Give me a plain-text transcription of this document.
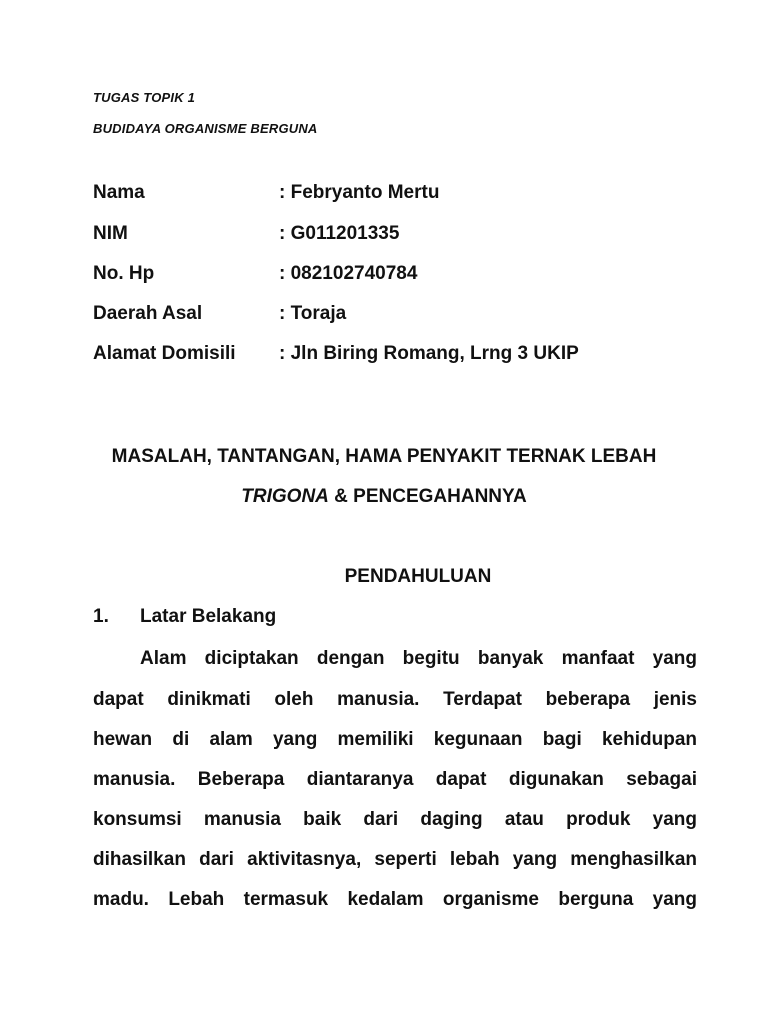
TUGAS TOPIK 1
BUDIDAYA ORGANISME BERGUNA
Nama	: Febryanto Mertu
NIM	: G011201335
No. Hp	: 082102740784
Daerah Asal	: Toraja
Alamat Domisili : Jln Biring Romang, Lrng 3 UKIP
MASALAH, TANTANGAN, HAMA PENYAKIT TERNAK LEBAH
TRIGONA & PENCEGAHANNYA
PENDAHULUAN
1. Latar Belakang
Alam diciptakan dengan begitu banyak manfaat yang
dapat dinikmati oleh manusia. Terdapat beberapa jenis
hewan di alam yang memiliki kegunaan bagi kehidupan
manusia. Beberapa diantaranya dapat digunakan sebagai
konsumsi manusia baik dari daging atau produk yang
dihasilkan dari aktivitasnya, seperti lebah yang menghasilkan
madu. Lebah termasuk kedalam organisme berguna yang
